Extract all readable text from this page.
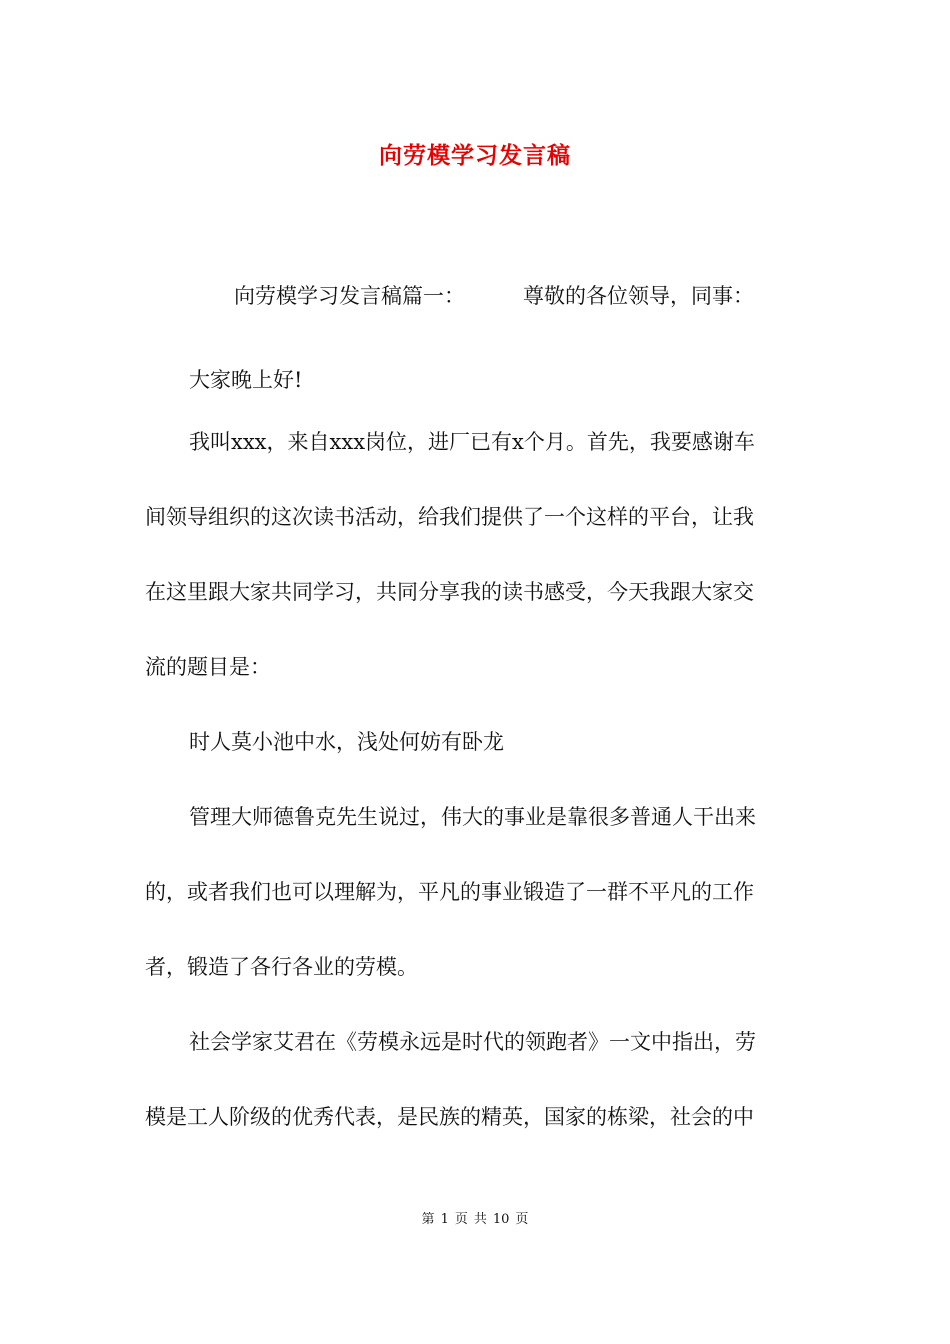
向劳模学习发言稿
向劳模学习发言稿篇一：	尊敬的各位领导，同事：
大家晚上好!
我叫xxx，来自xxx岗位，进厂已有x个月。首先，我要感谢车
间领导组织的这次读书活动，给我们提供了一个这样的平台，让我
在这里跟大家共同学习，共同分享我的读书感受，今天我跟大家交
流的题目是：
时人莫小池中水，浅处何妨有卧龙
管理大师德鲁克先生说过，伟大的事业是靠很多普通人干出来
的，或者我们也可以理解为，平凡的事业锻造了一群不平凡的工作
者，锻造了各行各业的劳模。
社会学家艾君在《劳模永远是时代的领跑者》一文中指出，劳
模是工人阶级的优秀代表，是民族的精英，国家的栋梁，社会的中
第 1 页 共 10 页
